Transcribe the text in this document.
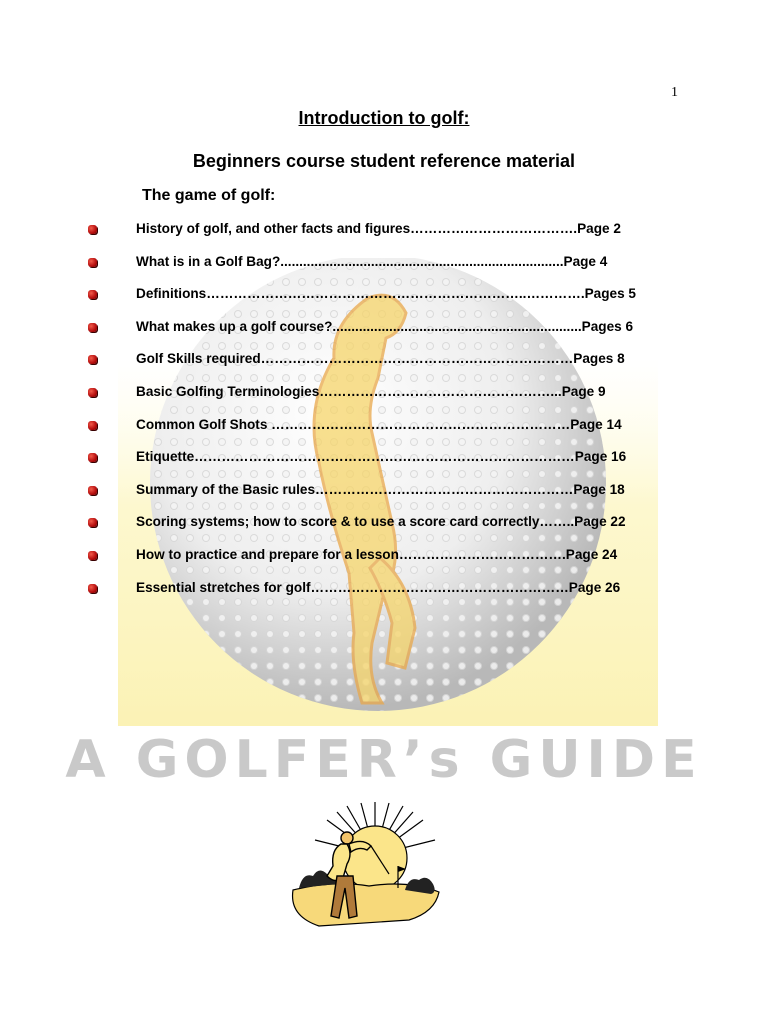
A GOLFER’s GUIDE
1
Introduction to golf:
Beginners course student reference material
The game of golf:
History of golf, and other facts and figures……………………………….Page 2
What is in a Golf Bag?...........................................................................Page 4
Definitions……………………………………………………………..………….Pages 5
What makes up a golf course?..................................................................Pages 6
Golf Skills required……………………………………………………………Pages 8
Basic Golfing Terminologies……………………………………………...Page 9
Common Golf Shots …………………………………………………………Page 14
Etiquette…………………………………………………………………………Page 16
Summary of the Basic rules…………………………………………………Page 18
Scoring systems; how to score & to use a score card correctly……..Page 22
How to practice and prepare for a lesson……………………………….Page 24
Essential stretches for golf…………………………………………………Page 26
